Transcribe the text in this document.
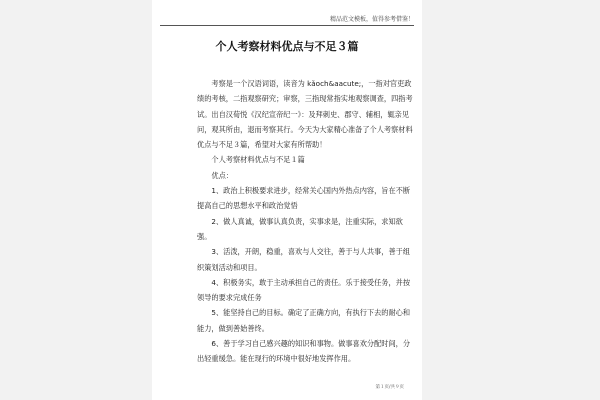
精品范文模板，值得参考借鉴！
个人考察材料优点与不足３篇

考察是一个汉语词语，读音为 kǎoch&aacute;，一指对官吏政绩的考核，二指观察研究；审察，三指现常指实地观察调查，四指考试。出自汉荀悦《汉纪宣帝纪一》：及拜刺史、郡守、辅相，辄亲见问，观其所由，退而考察其行。今天为大家精心准备了个人考察材料优点与不足３篇，希望对大家有所帮助！

个人考察材料优点与不足１篇

优点：

1、政治上积极要求进步，经常关心国内外热点内容，旨在不断提高自己的思想水平和政治觉悟

2、做人真诚，做事认真负责，实事求是，注重实际，求知欲强。

3、活泼，开朗，稳重，喜欢与人交往，善于与人共事，善于组织策划活动和项目。

4、积极务实，敢于主动承担自己的责任。乐于接受任务，并按领导的要求完成任务

5、能坚持自己的目标。确定了正确方向，有执行下去的耐心和能力，做到善始善终。

6、善于学习自己感兴趣的知识和事物。做事喜欢分配时间，分出轻重缓急。能在现行的环境中很好地发挥作用。

第１页/共９页
